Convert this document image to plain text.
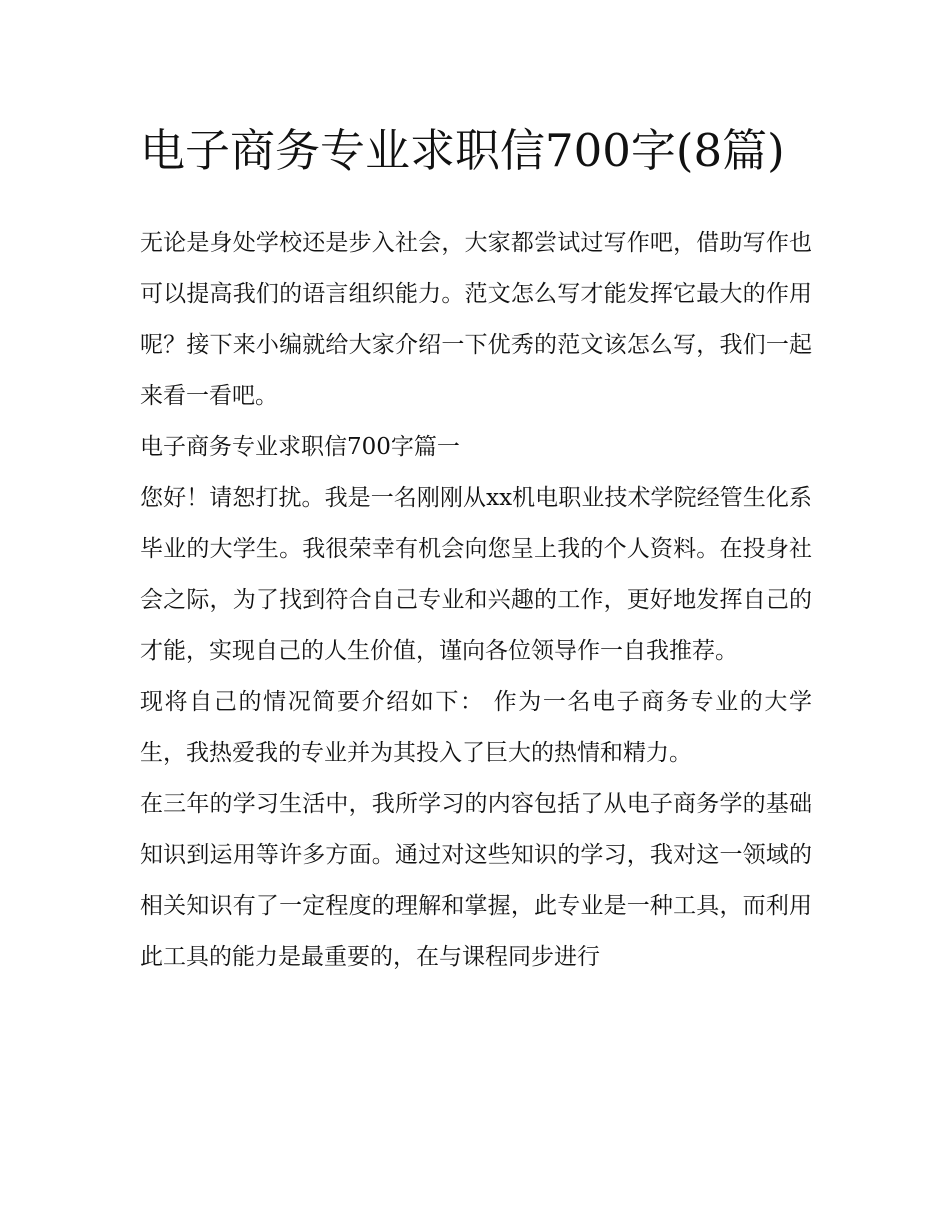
电子商务专业求职信700字(8篇)

无论是身处学校还是步入社会，大家都尝试过写作吧，借助写作也可以提高我们的语言组织能力。范文怎么写才能发挥它最大的作用呢？接下来小编就给大家介绍一下优秀的范文该怎么写，我们一起来看一看吧。

电子商务专业求职信700字篇一

您好！请恕打扰。我是一名刚刚从xx机电职业技术学院经管生化系毕业的大学生。我很荣幸有机会向您呈上我的个人资料。在投身社会之际，为了找到符合自己专业和兴趣的工作，更好地发挥自己的才能，实现自己的人生价值，谨向各位领导作一自我推荐。

现将自己的情况简要介绍如下： 作为一名电子商务专业的大学生，我热爱我的专业并为其投入了巨大的热情和精力。

在三年的学习生活中，我所学习的内容包括了从电子商务学的基础知识到运用等许多方面。通过对这些知识的学习，我对这一领域的相关知识有了一定程度的理解和掌握，此专业是一种工具，而利用此工具的能力是最重要的，在与课程同步进行
